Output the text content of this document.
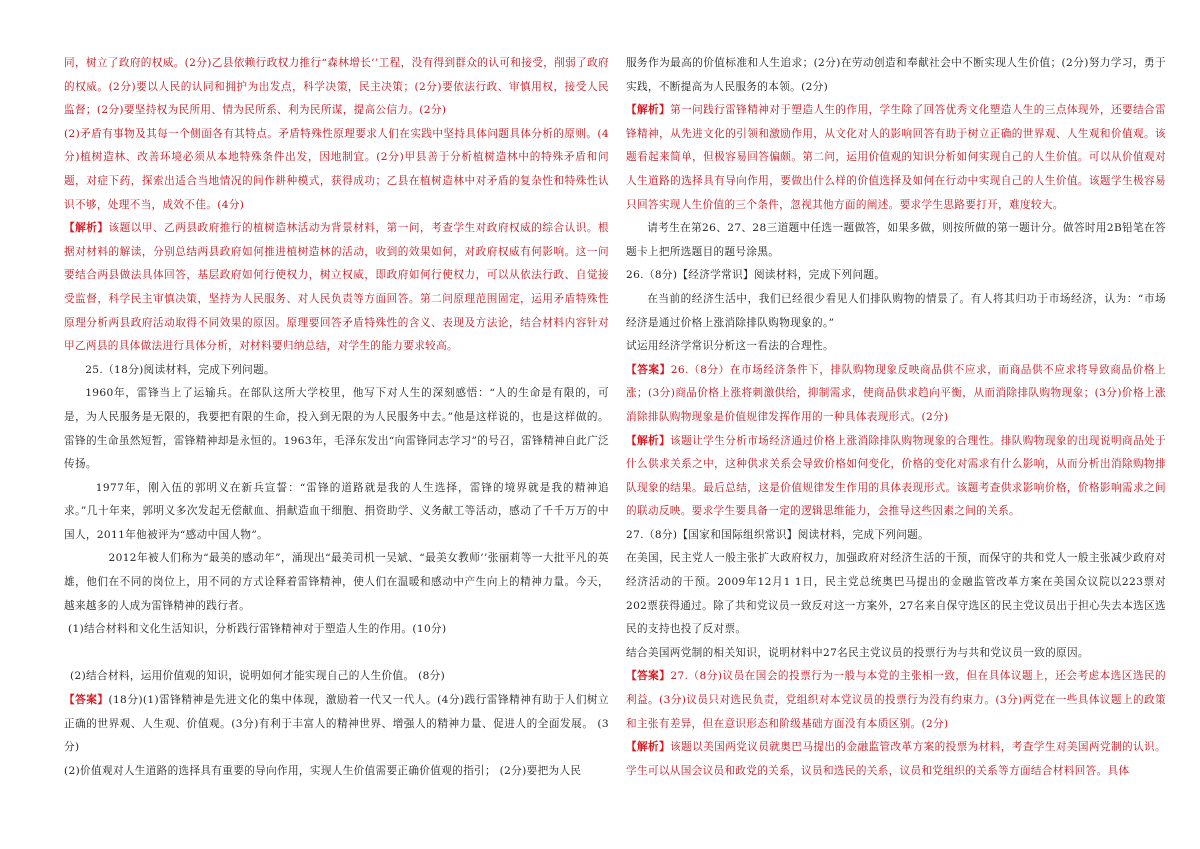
同，树立了政府的权威。(2分)乙县依赖行政权力推行“森林增长’’工程，没有得到群众的认可和接受，削弱了政府的权威。(2分)要以人民的认同和拥护为出发点，科学决策，民主决策；(2分)要依法行政、审慎用权，接受人民监督；(2分)要坚持权为民所用、情为民所系、利为民所谋，提高公信力。(2分)

(2)矛盾有事物及其每一个侧面各有其特点。矛盾特殊性原理要求人们在实践中坚持具体问题具体分析的原则。(4分)植树造林、改善环境必须从本地特殊条件出发，因地制宜。(2分)甲县善于分析植树造林中的特殊矛盾和问题，对症下药，探索出适合当地情况的间作耕种模式，获得成功；乙县在植树造林中对矛盾的复杂性和特殊性认识不够，处理不当，成效不佳。(4分)

【解析】该题以甲、乙两县政府推行的植树造林活动为背景材料，第一问，考查学生对政府权威的综合认识。根据对材料的解读，分别总结两县政府如何推进植树造林的活动，收到的效果如何，对政府权威有何影响。这一问要结合两县做法具体回答，基层政府如何行使权力，树立权威，即政府如何行使权力，可以从依法行政、自觉接受监督，科学民主审慎决策，坚持为人民服务、对人民负责等方面回答。第二问原理范围固定，运用矛盾特殊性原理分析两县政府活动取得不同效果的原因。原理要回答矛盾特殊性的含义、表现及方法论，结合材料内容针对甲乙两县的具体做法进行具体分析，对材料要归纳总结，对学生的能力要求较高。

25.（18分)阅读材料，完成下列问题。

1960年，雷锋当上了运输兵。在部队这所大学校里，他写下对人生的深刻感悟：“人的生命是有限的，可是，为人民服务是无限的，我要把有限的生命，投入到无限的为人民服务中去。”他是这样说的，也是这样做的。雷锋的生命虽然短暂，雷锋精神却是永恒的。1963年，毛泽东发出“向雷锋同志学习”的号召，雷锋精神自此广泛传扬。

1977年，刚入伍的郭明义在新兵宣誓：“雷锋的道路就是我的人生选择，雷锋的境界就是我的精神追求。”几十年来，郭明义多次发起无偿献血、捐献造血干细胞、捐资助学、义务献工等活动，感动了千千万万的中国人，2011年他被评为“感动中国人物”。

2012年被人们称为“最美的感动年”，涌现出“最美司机一吴斌、“最美女教师’’张丽莉等一大批平凡的英雄，他们在不同的岗位上，用不同的方式诠释着雷锋精神，使人们在温暖和感动中产生向上的精神力量。今天，越来越多的人成为雷锋精神的践行者。

(1)结合材料和文化生活知识，分析践行雷锋精神对于塑造人生的作用。(10分)

(2)结合材料，运用价值观的知识，说明如何才能实现自己的人生价值。 (8分)

【答案】(18分)(1)雷锋精神是先进文化的集中体现，激励着一代又一代人。(4分)践行雷锋精神有助于人们树立正确的世界观、人生观、价值观。(3分)有利于丰富人的精神世界、增强人的精神力量、促进人的全面发展。 (3分)

(2)价值观对人生道路的选择具有重要的导向作用，实现人生价值需要正确价值观的指引； (2分)要把为人民

服务作为最高的价值标准和人生追求；(2分)在劳动创造和奉献社会中不断实现人生价值；(2分)努力学习，勇于实践，不断提高为人民服务的本领。(2分)

【解析】第一问践行雷锋精神对于塑造人生的作用，学生除了回答优秀文化塑造人生的三点体现外，还要结合雷锋精神，从先进文化的引领和激励作用，从文化对人的影响回答有助于树立正确的世界观、人生观和价值观。该题看起来简单，但极容易回答偏颇。第二问，运用价值观的知识分析如何实现自己的人生价值。可以从价值观对人生道路的选择具有导向作用，要做出什么样的价值选择及如何在行动中实现自己的人生价值。该题学生极容易只回答实现人生价值的三个条件，忽视其他方面的阐述。要求学生思路要打开，难度较大。

请考生在第26、27、28三道题中任选一题做答，如果多做，则按所做的第一题计分。做答时用2B铅笔在答题卡上把所选题目的题号涂黑。

26.（8分)【经济学常识】阅读材料，完成下列问题。

在当前的经济生活中，我们已经很少看见人们排队购物的情景了。有人将其归功于市场经济，认为：“市场经济是通过价格上涨消除排队购物现象的。”

试运用经济学常识分析这一看法的合理性。

【答案】26.（8分）在市场经济条件下，排队购物现象反映商品供不应求，而商品供不应求将导致商品价格上涨；(3分)商品价格上涨将刺激供给，抑制需求，使商品供求趋向平衡，从而消除排队购物现象；(3分)价格上涨消除排队购物现象是价值规律发挥作用的一种具体表现形式。(2分)

【解析】该题让学生分析市场经济通过价格上涨消除排队购物现象的合理性。排队购物现象的出现说明商品处于什么供求关系之中，这种供求关系会导致价格如何变化，价格的变化对需求有什么影响，从而分析出消除购物排队现象的结果。最后总结，这是价值规律发生作用的具体表现形式。该题考查供求影响价格，价格影响需求之间的联动反映。要求学生要具备一定的逻辑思维能力，会推导这些因素之间的关系。

27.（8分)【国家和国际组织常识】阅读材料，完成下列问题。

在美国，民主党人一般主张扩大政府权力，加强政府对经济生活的干预，而保守的共和党人一般主张减少政府对经济活动的干预。2009年12月1 1日，民主党总统奥巴马提出的金融监管改革方案在美国众议院以223票对202票获得通过。除了共和党议员一致反对这一方案外，27名来自保守选区的民主党议员出于担心失去本选区选民的支持也投了反对票。

结合美国两党制的相关知识，说明材料中27名民主党议员的投票行为与共和党议员一致的原因。

【答案】27.（8分)议员在国会的投票行为一般与本党的主张相一致，但在具体议题上，还会考虑本选区选民的利益。(3分)议员只对选民负责，党组织对本党议员的投票行为没有约束力。(3分)两党在一些具体议题上的政策和主张有差异，但在意识形态和阶级基础方面没有本质区别。(2分)

【解析】该题以美国两党议员就奥巴马提出的金融监管改革方案的投票为材料，考查学生对美国两党制的认识。学生可以从国会议员和政党的关系，议员和选民的关系，议员和党组织的关系等方面结合材料回答。具体
